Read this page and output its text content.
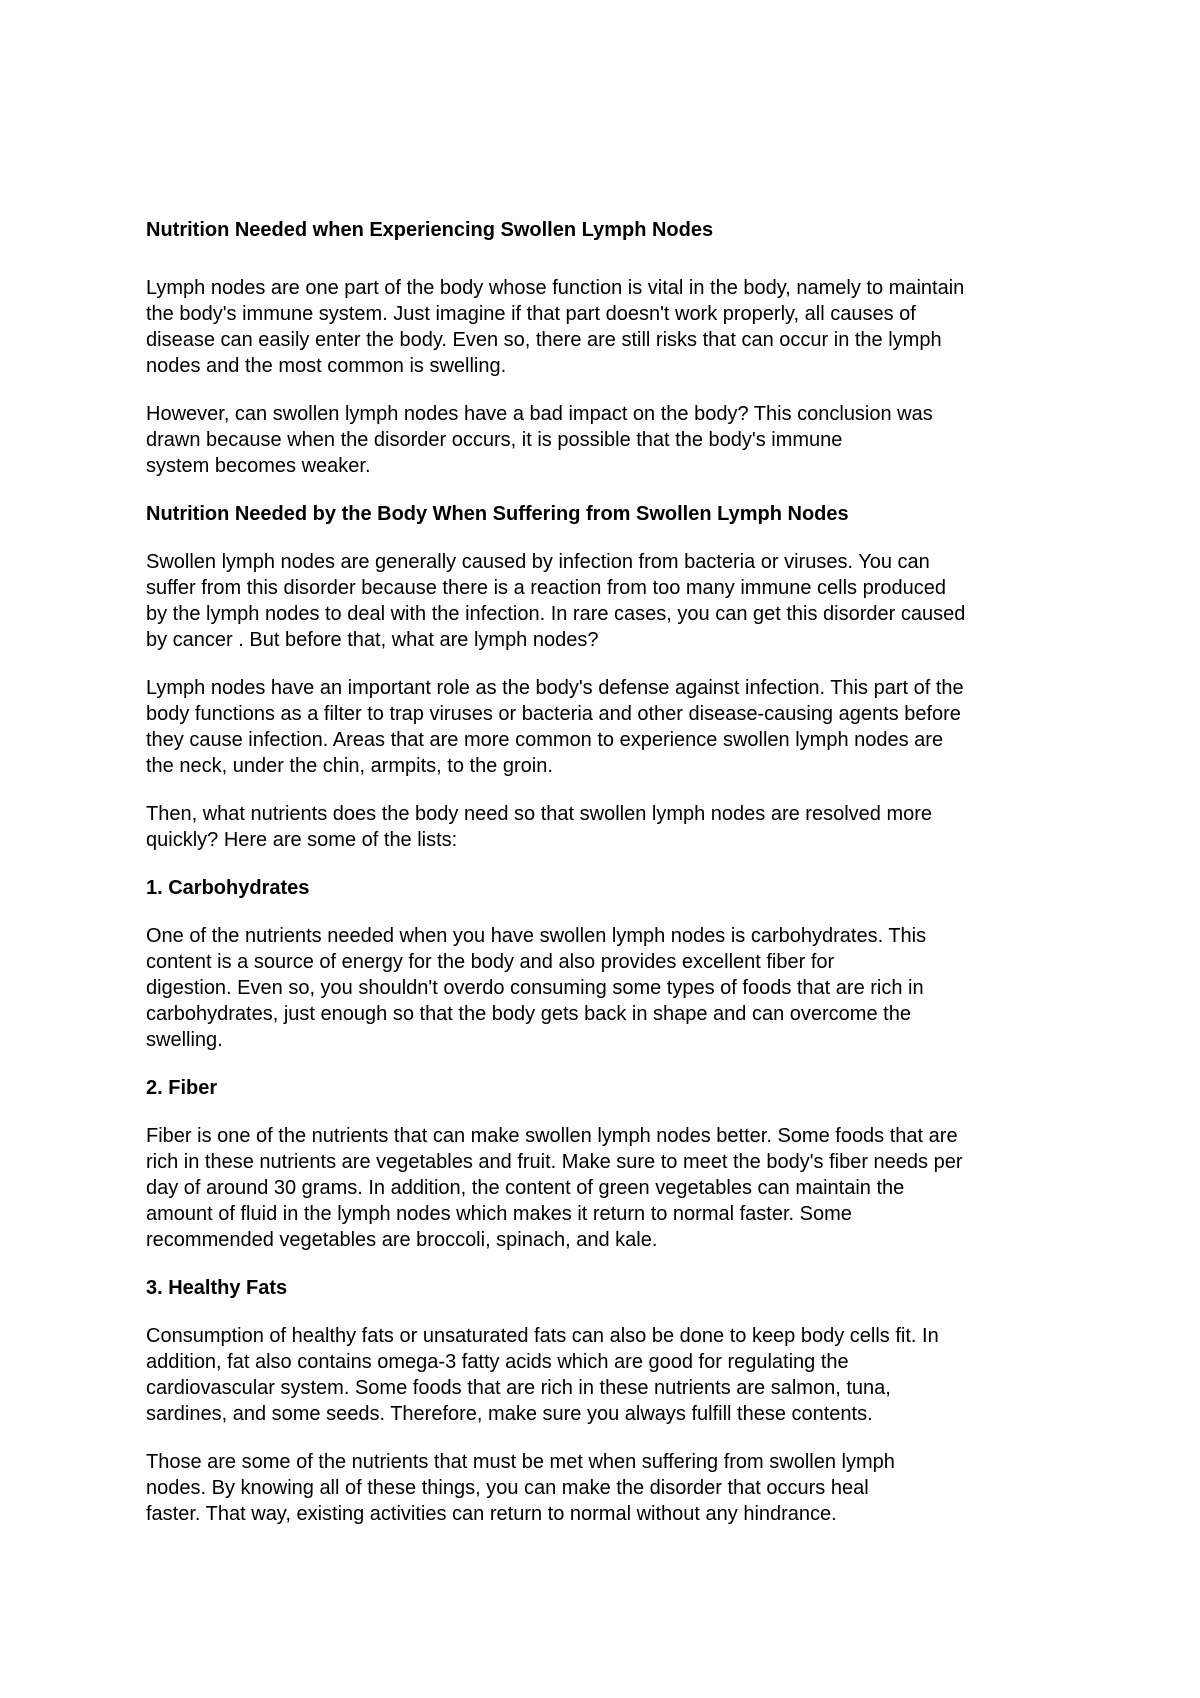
Nutrition Needed when Experiencing Swollen Lymph Nodes
Lymph nodes are one part of the body whose function is vital in the body, namely to maintain
the body's immune system. Just imagine if that part doesn't work properly, all causes of
disease can easily enter the body. Even so, there are still risks that can occur in the lymph
nodes and the most common is swelling.
However, can swollen lymph nodes have a bad impact on the body? This conclusion was
drawn because when the disorder occurs, it is possible that the body's immune
system becomes weaker.
Nutrition Needed by the Body When Suffering from Swollen Lymph Nodes
Swollen lymph nodes are generally caused by infection from bacteria or viruses. You can
suffer from this disorder because there is a reaction from too many immune cells produced
by the lymph nodes to deal with the infection. In rare cases, you can get this disorder caused
by cancer . But before that, what are lymph nodes?
Lymph nodes have an important role as the body's defense against infection. This part of the
body functions as a filter to trap viruses or bacteria and other disease-causing agents before
they cause infection. Areas that are more common to experience swollen lymph nodes are
the neck, under the chin, armpits, to the groin.
Then, what nutrients does the body need so that swollen lymph nodes are resolved more
quickly? Here are some of the lists:
1. Carbohydrates
One of the nutrients needed when you have swollen lymph nodes is carbohydrates. This
content is a source of energy for the body and also provides excellent fiber for
digestion. Even so, you shouldn't overdo consuming some types of foods that are rich in
carbohydrates, just enough so that the body gets back in shape and can overcome the
swelling.
2. Fiber
Fiber is one of the nutrients that can make swollen lymph nodes better. Some foods that are
rich in these nutrients are vegetables and fruit. Make sure to meet the body's fiber needs per
day of around 30 grams. In addition, the content of green vegetables can maintain the
amount of fluid in the lymph nodes which makes it return to normal faster. Some
recommended vegetables are broccoli, spinach, and kale.
3. Healthy Fats
Consumption of healthy fats or unsaturated fats can also be done to keep body cells fit. In
addition, fat also contains omega-3 fatty acids which are good for regulating the
cardiovascular system. Some foods that are rich in these nutrients are salmon, tuna,
sardines, and some seeds. Therefore, make sure you always fulfill these contents.
Those are some of the nutrients that must be met when suffering from swollen lymph
nodes. By knowing all of these things, you can make the disorder that occurs heal
faster. That way, existing activities can return to normal without any hindrance.
